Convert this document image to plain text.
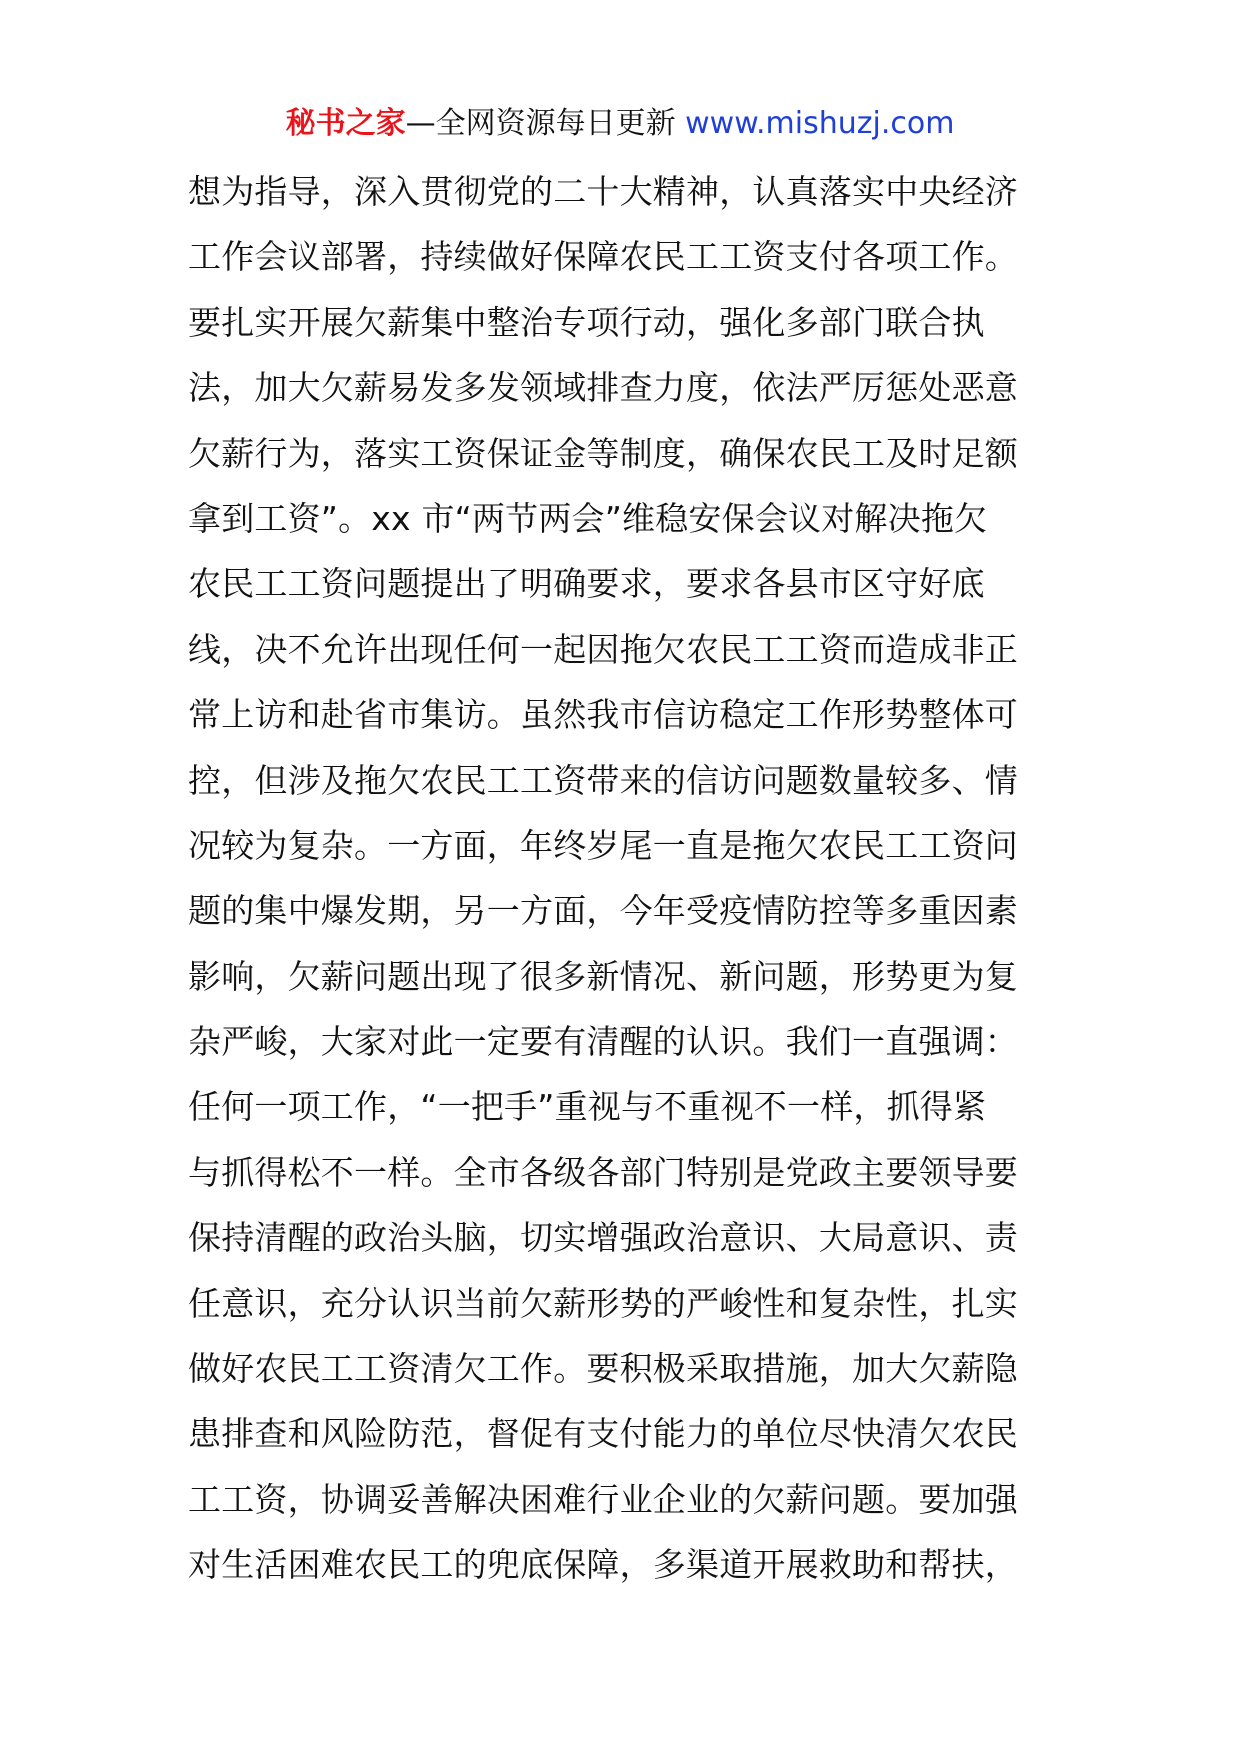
秘书之家—全网资源每日更新 www.mishuzj.com
想为指导，深入贯彻党的二十大精神，认真落实中央经济
工作会议部署，持续做好保障农民工工资支付各项工作。
要扎实开展欠薪集中整治专项行动，强化多部门联合执
法，加大欠薪易发多发领域排查力度，依法严厉惩处恶意
欠薪行为，落实工资保证金等制度，确保农民工及时足额
拿到工资”。xx 市“两节两会”维稳安保会议对解决拖欠
农民工工资问题提出了明确要求，要求各县市区守好底
线，决不允许出现任何一起因拖欠农民工工资而造成非正
常上访和赴省市集访。虽然我市信访稳定工作形势整体可
控，但涉及拖欠农民工工资带来的信访问题数量较多、情
况较为复杂。一方面，年终岁尾一直是拖欠农民工工资问
题的集中爆发期，另一方面，今年受疫情防控等多重因素
影响，欠薪问题出现了很多新情况、新问题，形势更为复
杂严峻，大家对此一定要有清醒的认识。我们一直强调：
任何一项工作，“一把手”重视与不重视不一样，抓得紧
与抓得松不一样。全市各级各部门特别是党政主要领导要
保持清醒的政治头脑，切实增强政治意识、大局意识、责
任意识，充分认识当前欠薪形势的严峻性和复杂性，扎实
做好农民工工资清欠工作。要积极采取措施，加大欠薪隐
患排查和风险防范，督促有支付能力的单位尽快清欠农民
工工资，协调妥善解决困难行业企业的欠薪问题。要加强
对生活困难农民工的兜底保障，多渠道开展救助和帮扶，
